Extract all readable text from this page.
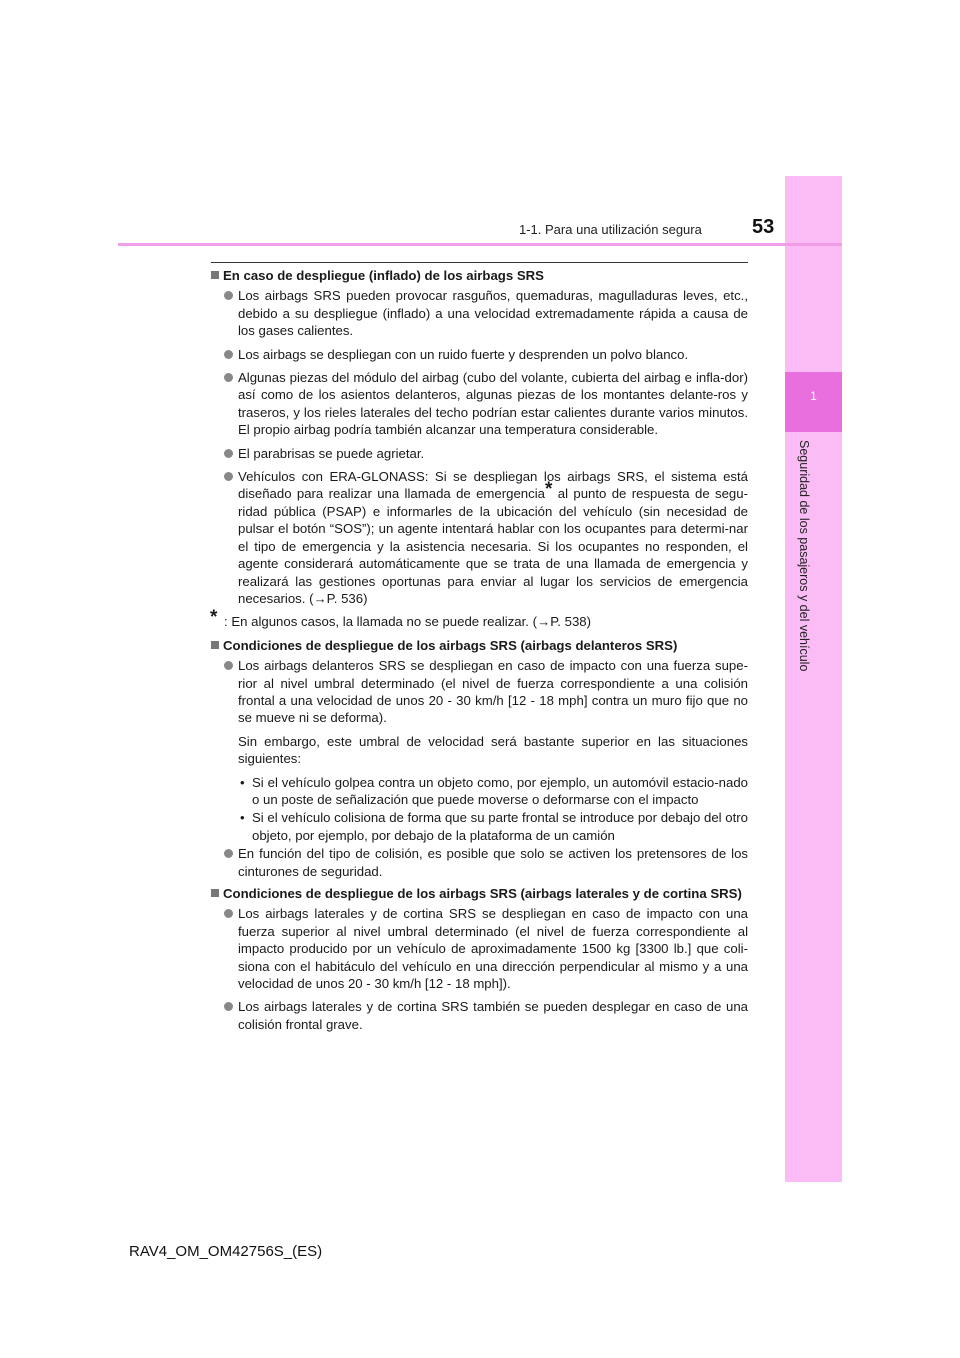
1
Seguridad de los pasajeros y del vehículo
1-1. Para una utilización segura	53
En caso de despliegue (inflado) de los airbags SRS
Los airbags SRS pueden provocar rasguños, quemaduras, magulladuras leves, etc., debido a su despliegue (inflado) a una velocidad extremadamente rápida a causa de los gases calientes.
Los airbags se despliegan con un ruido fuerte y desprenden un polvo blanco.
Algunas piezas del módulo del airbag (cubo del volante, cubierta del airbag e infla-dor) así como de los asientos delanteros, algunas piezas de los montantes delante-ros y traseros, y los rieles laterales del techo podrían estar calientes durante varios minutos. El propio airbag podría también alcanzar una temperatura considerable.
El parabrisas se puede agrietar.
Vehículos con ERA-GLONASS: Si se despliegan los airbags SRS, el sistema está diseñado para realizar una llamada de emergencia* al punto de respuesta de segu-ridad pública (PSAP) e informarles de la ubicación del vehículo (sin necesidad de pulsar el botón “SOS”); un agente intentará hablar con los ocupantes para determi-nar el tipo de emergencia y la asistencia necesaria. Si los ocupantes no responden, el agente considerará automáticamente que se trata de una llamada de emergencia y realizará las gestiones oportunas para enviar al lugar los servicios de emergencia necesarios. (→P. 536)
* : En algunos casos, la llamada no se puede realizar. (→P. 538)
Condiciones de despliegue de los airbags SRS (airbags delanteros SRS)
Los airbags delanteros SRS se despliegan en caso de impacto con una fuerza supe-rior al nivel umbral determinado (el nivel de fuerza correspondiente a una colisión frontal a una velocidad de unos 20 - 30 km/h [12 - 18 mph] contra un muro fijo que no se mueve ni se deforma).
Sin embargo, este umbral de velocidad será bastante superior en las situaciones siguientes:
• Si el vehículo golpea contra un objeto como, por ejemplo, un automóvil estacio-nado o un poste de señalización que puede moverse o deformarse con el impacto
• Si el vehículo colisiona de forma que su parte frontal se introduce por debajo del otro objeto, por ejemplo, por debajo de la plataforma de un camión
En función del tipo de colisión, es posible que solo se activen los pretensores de los cinturones de seguridad.
Condiciones de despliegue de los airbags SRS (airbags laterales y de cortina SRS)
Los airbags laterales y de cortina SRS se despliegan en caso de impacto con una fuerza superior al nivel umbral determinado (el nivel de fuerza correspondiente al impacto producido por un vehículo de aproximadamente 1500 kg [3300 lb.] que coli-siona con el habitáculo del vehículo en una dirección perpendicular al mismo y a una velocidad de unos 20 - 30 km/h [12 - 18 mph]).
Los airbags laterales y de cortina SRS también se pueden desplegar en caso de una colisión frontal grave.
RAV4_OM_OM42756S_(ES)
